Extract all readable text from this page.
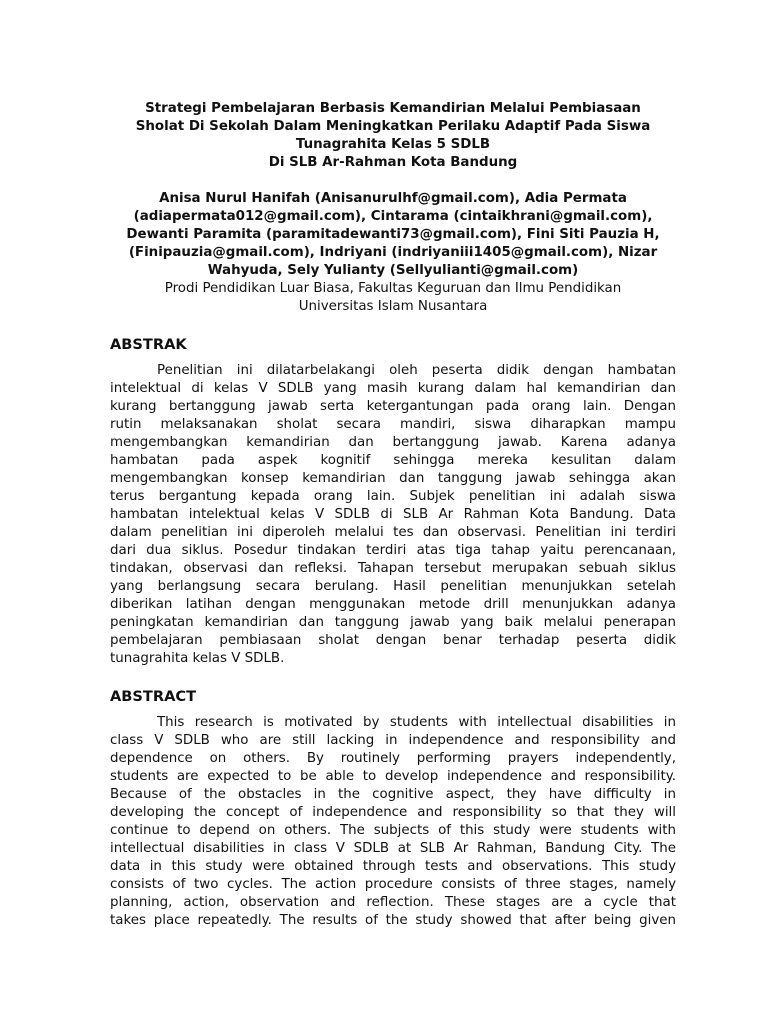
Strategi Pembelajaran Berbasis Kemandirian Melalui Pembiasaan
Sholat Di Sekolah Dalam Meningkatkan Perilaku Adaptif Pada Siswa
Tunagrahita Kelas 5 SDLB
Di SLB Ar-Rahman Kota Bandung
Anisa Nurul Hanifah (Anisanurulhf@gmail.com), Adia Permata
(adiapermata012@gmail.com), Cintarama (cintaikhrani@gmail.com),
Dewanti Paramita (paramitadewanti73@gmail.com), Fini Siti Pauzia H,
(Finipauzia@gmail.com), Indriyani (indriyaniii1405@gmail.com), Nizar
Wahyuda, Sely Yulianty (Sellyulianti@gmail.com)
Prodi Pendidikan Luar Biasa, Fakultas Keguruan dan Ilmu Pendidikan
Universitas Islam Nusantara
ABSTRAK
Penelitian ini dilatarbelakangi oleh peserta didik dengan hambatan
intelektual di kelas V SDLB yang masih kurang dalam hal kemandirian dan
kurang bertanggung jawab serta ketergantungan pada orang lain. Dengan
rutin melaksanakan sholat secara mandiri, siswa diharapkan mampu
mengembangkan kemandirian dan bertanggung jawab. Karena adanya
hambatan pada aspek kognitif sehingga mereka kesulitan dalam
mengembangkan konsep kemandirian dan tanggung jawab sehingga akan
terus bergantung kepada orang lain. Subjek penelitian ini adalah siswa
hambatan intelektual kelas V SDLB di SLB Ar Rahman Kota Bandung. Data
dalam penelitian ini diperoleh melalui tes dan observasi. Penelitian ini terdiri
dari dua siklus. Posedur tindakan terdiri atas tiga tahap yaitu perencanaan,
tindakan, observasi dan refleksi. Tahapan tersebut merupakan sebuah siklus
yang berlangsung secara berulang. Hasil penelitian menunjukkan setelah
diberikan latihan dengan menggunakan metode drill menunjukkan adanya
peningkatan kemandirian dan tanggung jawab yang baik melalui penerapan
pembelajaran pembiasaan sholat dengan benar terhadap peserta didik
tunagrahita kelas V SDLB.
ABSTRACT
This research is motivated by students with intellectual disabilities in
class V SDLB who are still lacking in independence and responsibility and
dependence on others. By routinely performing prayers independently,
students are expected to be able to develop independence and responsibility.
Because of the obstacles in the cognitive aspect, they have difficulty in
developing the concept of independence and responsibility so that they will
continue to depend on others. The subjects of this study were students with
intellectual disabilities in class V SDLB at SLB Ar Rahman, Bandung City. The
data in this study were obtained through tests and observations. This study
consists of two cycles. The action procedure consists of three stages, namely
planning, action, observation and reflection. These stages are a cycle that
takes place repeatedly. The results of the study showed that after being given
